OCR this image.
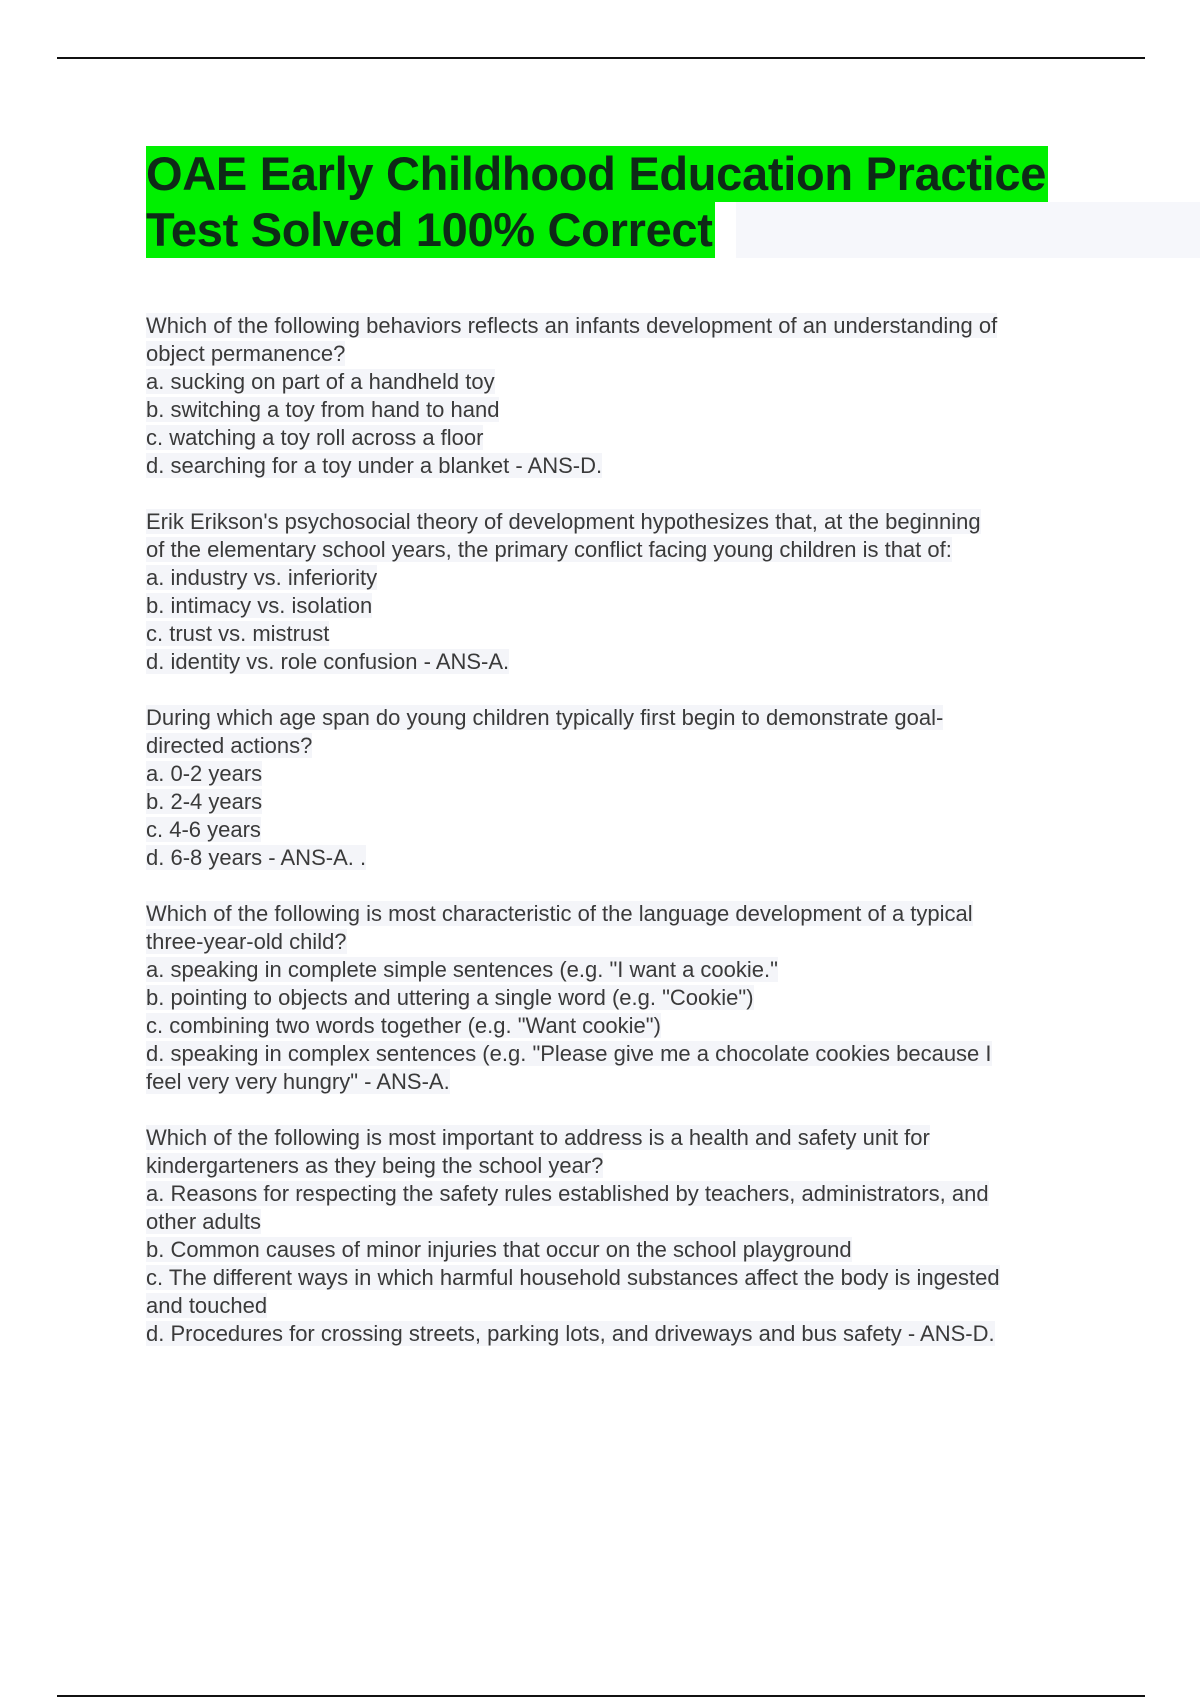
OAE Early Childhood Education Practice
Test Solved 100% Correct
Which of the following behaviors reflects an infants development of an understanding of
object permanence?
a. sucking on part of a handheld toy
b. switching a toy from hand to hand
c. watching a toy roll across a floor
d. searching for a toy under a blanket - ANS-D.
Erik Erikson's psychosocial theory of development hypothesizes that, at the beginning
of the elementary school years, the primary conflict facing young children is that of:
a. industry vs. inferiority
b. intimacy vs. isolation
c. trust vs. mistrust
d. identity vs. role confusion - ANS-A.
During which age span do young children typically first begin to demonstrate goal-
directed actions?
a. 0-2 years
b. 2-4 years
c. 4-6 years
d. 6-8 years - ANS-A. .
Which of the following is most characteristic of the language development of a typical
three-year-old child?
a. speaking in complete simple sentences (e.g. "I want a cookie."
b. pointing to objects and uttering a single word (e.g. "Cookie")
c. combining two words together (e.g. "Want cookie")
d. speaking in complex sentences (e.g. "Please give me a chocolate cookies because I
feel very very hungry" - ANS-A.
Which of the following is most important to address is a health and safety unit for
kindergarteners as they being the school year?
a. Reasons for respecting the safety rules established by teachers, administrators, and
other adults
b. Common causes of minor injuries that occur on the school playground
c. The different ways in which harmful household substances affect the body is ingested
and touched
d. Procedures for crossing streets, parking lots, and driveways and bus safety - ANS-D.
